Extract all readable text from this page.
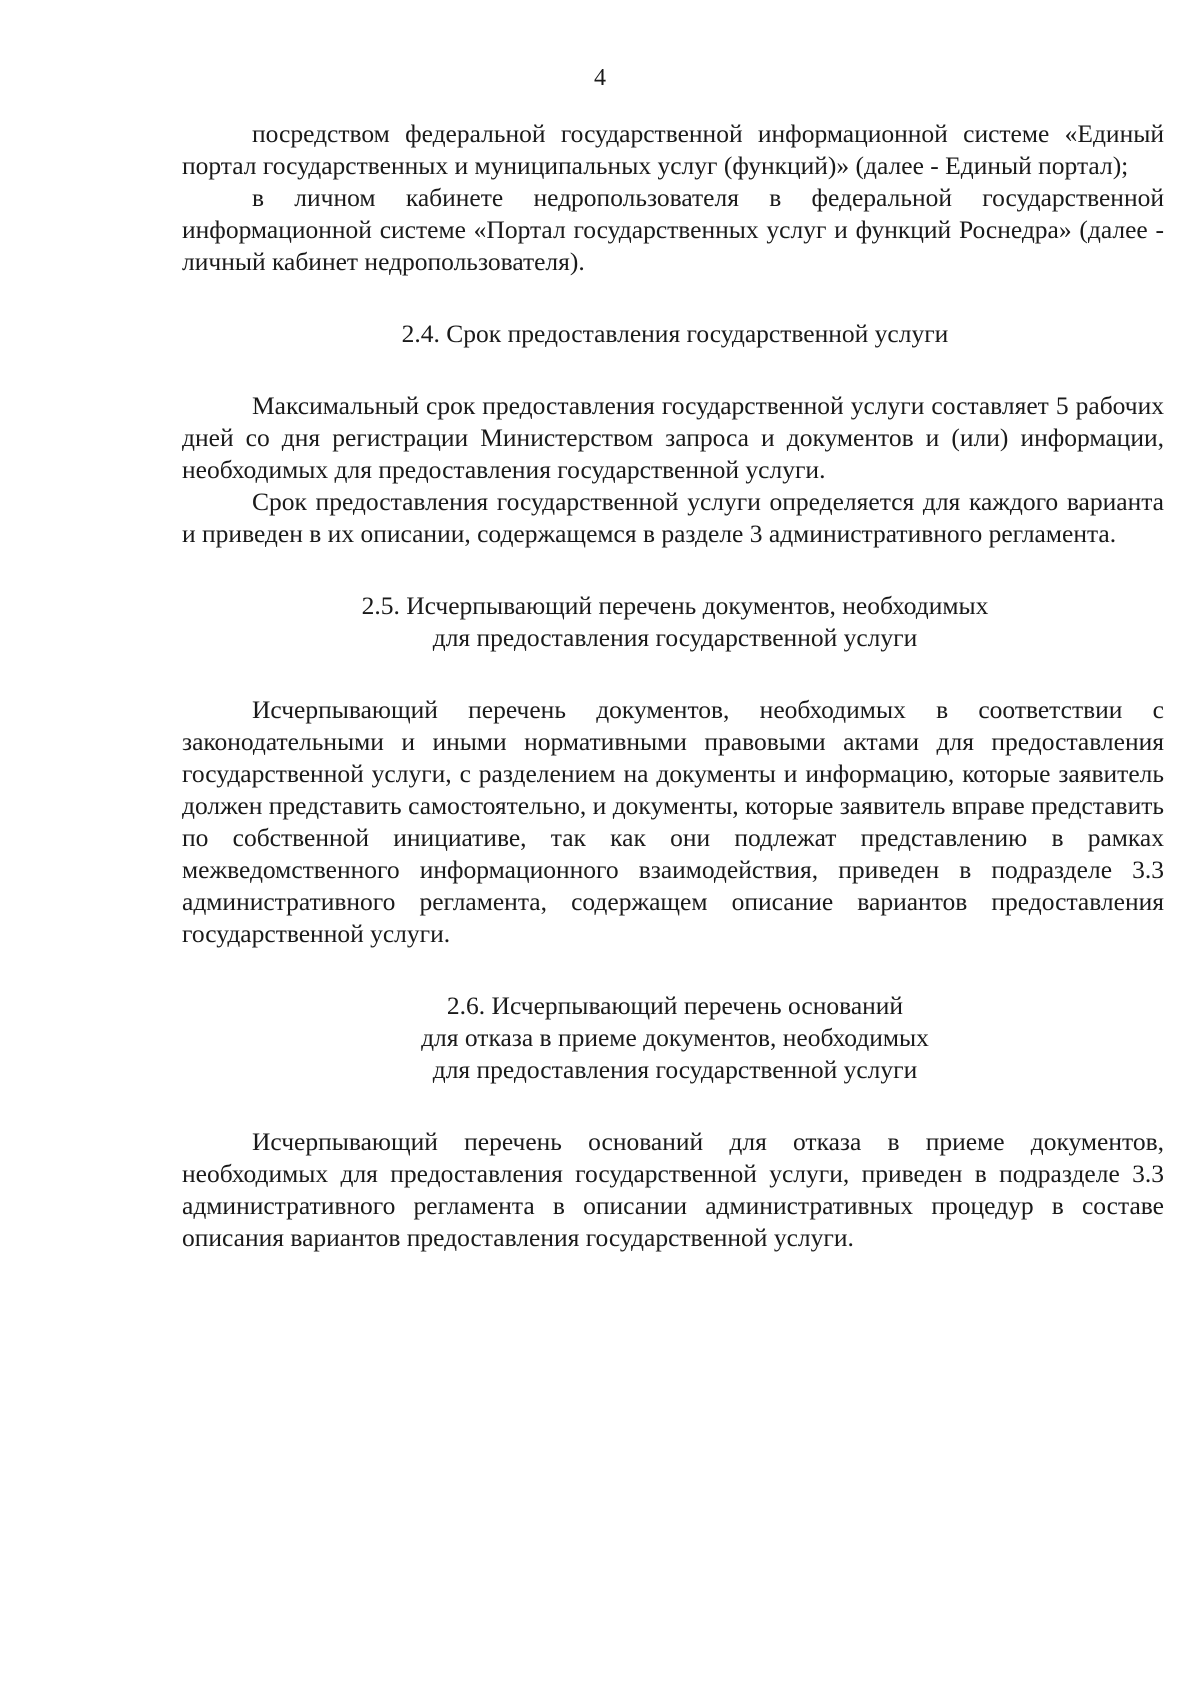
4

посредством федеральной государственной информационной системе «Единый портал государственных и муниципальных услуг (функций)» (далее - Единый портал);

в личном кабинете недропользователя в федеральной государственной информационной системе «Портал государственных услуг и функций Роснедра» (далее - личный кабинет недропользователя).

2.4. Срок предоставления государственной услуги

Максимальный срок предоставления государственной услуги составляет 5 рабочих дней со дня регистрации Министерством запроса и документов и (или) информации, необходимых для предоставления государственной услуги.

Срок предоставления государственной услуги определяется для каждого варианта и приведен в их описании, содержащемся в разделе 3 административного регламента.

2.5. Исчерпывающий перечень документов, необходимых
для предоставления государственной услуги

Исчерпывающий перечень документов, необходимых в соответствии с законодательными и иными нормативными правовыми актами для предоставления государственной услуги, с разделением на документы и информацию, которые заявитель должен представить самостоятельно, и документы, которые заявитель вправе представить по собственной инициативе, так как они подлежат представлению в рамках межведомственного информационного взаимодействия, приведен в подразделе 3.3 административного регламента, содержащем описание вариантов предоставления государственной услуги.

2.6. Исчерпывающий перечень оснований
для отказа в приеме документов, необходимых
для предоставления государственной услуги

Исчерпывающий перечень оснований для отказа в приеме документов, необходимых для предоставления государственной услуги, приведен в подразделе 3.3 административного регламента в описании административных процедур в составе описания вариантов предоставления государственной услуги.
